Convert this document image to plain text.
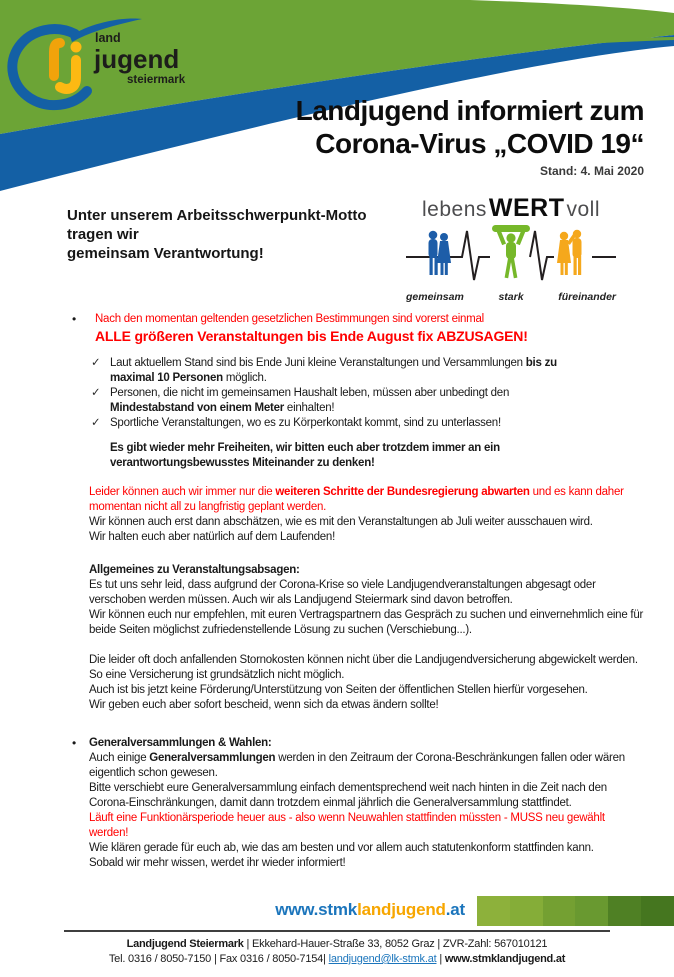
land
jugend
steiermark
Landjugend informiert zum
Corona-Virus „COVID 19“
Stand: 4. Mai 2020
Unter unserem Arbeitsschwerpunkt-Motto
tragen wir
gemeinsam Verantwortung!
lebens WERT voll
gemeinsam	stark	füreinander
•	Nach den momentan geltenden gesetzlichen Bestimmungen sind vorerst einmal
ALLE größeren Veranstaltungen bis Ende August fix ABZUSAGEN!
✓ Laut aktuellem Stand sind bis Ende Juni kleine Veranstaltungen und Versammlungen bis zu maximal 10 Personen möglich.
✓ Personen, die nicht im gemeinsamen Haushalt leben, müssen aber unbedingt den Mindestabstand von einem Meter einhalten!
✓ Sportliche Veranstaltungen, wo es zu Körperkontakt kommt, sind zu unterlassen!
Es gibt wieder mehr Freiheiten, wir bitten euch aber trotzdem immer an ein verantwortungsbewusstes Miteinander zu denken!
Leider können auch wir immer nur die weiteren Schritte der Bundesregierung abwarten und es kann daher momentan nicht all zu langfristig geplant werden.
Wir können auch erst dann abschätzen, wie es mit den Veranstaltungen ab Juli weiter ausschauen wird.
Wir halten euch aber natürlich auf dem Laufenden!
Allgemeines zu Veranstaltungsabsagen:
Es tut uns sehr leid, dass aufgrund der Corona-Krise so viele Landjugendveranstaltungen abgesagt oder verschoben werden müssen. Auch wir als Landjugend Steiermark sind davon betroffen.
Wir können euch nur empfehlen, mit euren Vertragspartnern das Gespräch zu suchen und einvernehmlich eine für beide Seiten möglichst zufriedenstellende Lösung zu suchen (Verschiebung...).
Die leider oft doch anfallenden Stornokosten können nicht über die Landjugendversicherung abgewickelt werden. So eine Versicherung ist grundsätzlich nicht möglich.
Auch ist bis jetzt keine Förderung/Unterstützung von Seiten der öffentlichen Stellen hierfür vorgesehen.
Wir geben euch aber sofort bescheid, wenn sich da etwas ändern sollte!
•	Generalversammlungen & Wahlen:
Auch einige Generalversammlungen werden in den Zeitraum der Corona-Beschränkungen fallen oder wären eigentlich schon gewesen.
Bitte verschiebt eure Generalversammlung einfach dementsprechend weit nach hinten in die Zeit nach den Corona-Einschränkungen, damit dann trotzdem einmal jährlich die Generalversammlung stattfindet.
Läuft eine Funktionärsperiode heuer aus - also wenn Neuwahlen stattfinden müssten - MUSS neu gewählt werden!
Wie klären gerade für euch ab, wie das am besten und vor allem auch statutenkonform stattfinden kann.
Sobald wir mehr wissen, werdet ihr wieder informiert!
www.stmklandjugend.at
Landjugend Steiermark | Ekkehard-Hauer-Straße 33, 8052 Graz | ZVR-Zahl: 567010121
Tel. 0316 / 8050-7150 | Fax 0316 / 8050-7154| landjugend@lk-stmk.at | www.stmklandjugend.at
